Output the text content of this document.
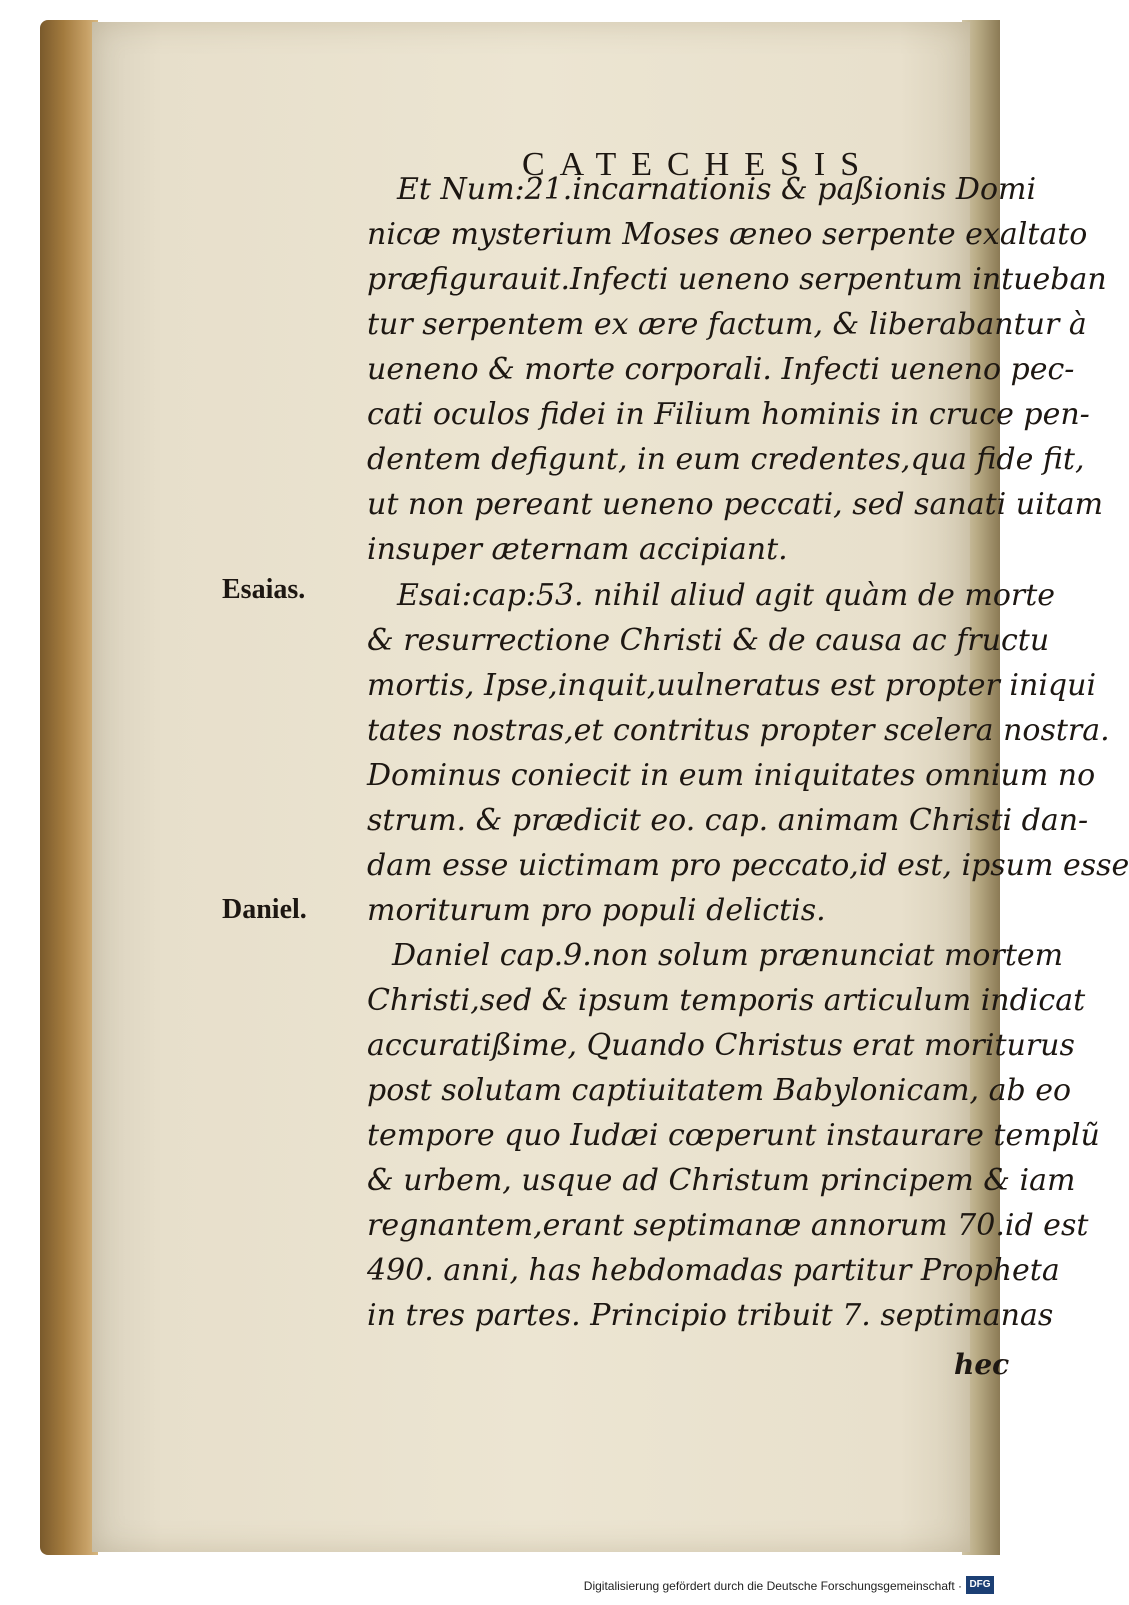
CATECHESIS
Esaias.
Daniel.
Et Num:21.incarnationis & paßionis Domi
nicæ mysterium Moses æneo serpente exaltato
præfigurauit.Infecti ueneno serpentum intueban
tur serpentem ex ære factum, & liberabantur à
ueneno & morte corporali. Infecti ueneno pec-
cati oculos fidei in Filium hominis in cruce pen-
dentem defigunt, in eum credentes,qua fide fit,
ut non pereant ueneno peccati, sed sanati uitam
insuper æternam accipiant.
Esai:cap:53. nihil aliud agit quàm de morte
& resurrectione Christi & de causa ac fructu
mortis, Ipse,inquit,uulneratus est propter iniqui
tates nostras,et contritus propter scelera nostra.
Dominus coniecit in eum iniquitates omnium no
strum. & prædicit eo. cap. animam Christi dan-
dam esse uictimam pro peccato,id est, ipsum esse
moriturum pro populi delictis.
Daniel cap.9.non solum prænunciat mortem
Christi,sed & ipsum temporis articulum indicat
accuratißime, Quando Christus erat moriturus
post solutam captiuitatem Babylonicam, ab eo
tempore quo Iudæi cœperunt instaurare templũ
& urbem, usque ad Christum principem & iam
regnantem,erant septimanæ annorum 70.id est
490. anni, has hebdomadas partitur Propheta
in tres partes. Principio tribuit 7. septimanas
hec
Digitalisierung gefördert durch die Deutsche Forschungsgemeinschaft · DFG
